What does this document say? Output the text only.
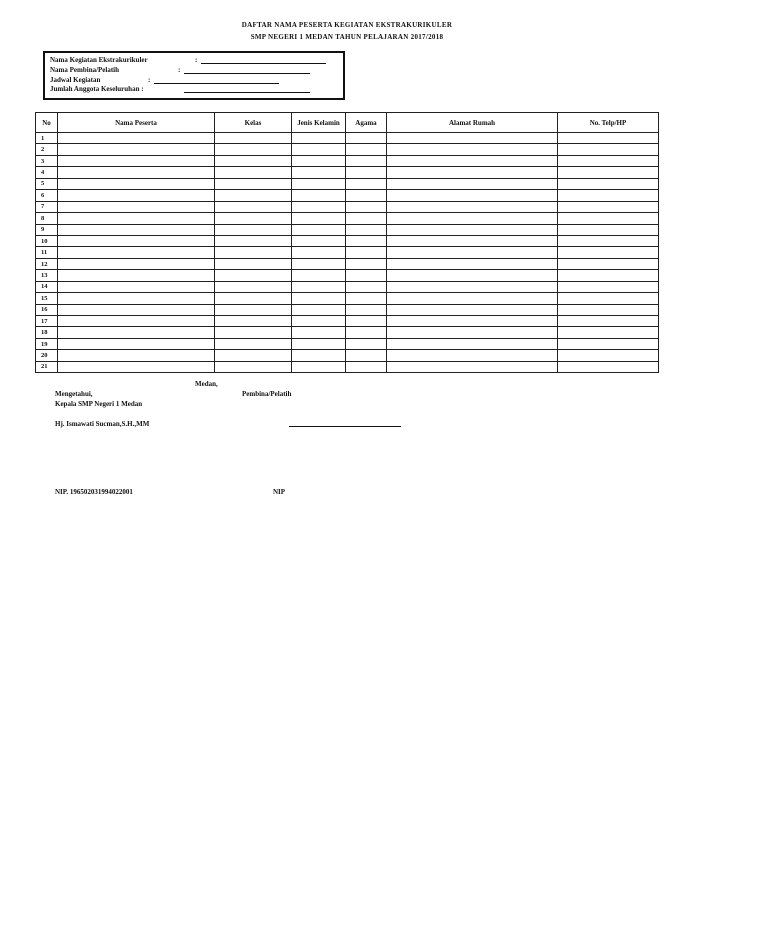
DAFTAR NAMA PESERTA KEGIATAN EKSTRAKURIKULER
SMP NEGERI 1 MEDAN TAHUN PELAJARAN 2017/2018
Nama Kegiatan Ekstrakurikuler	:
Nama Pembina/Pelatih	:
Jadwal Kegiatan	:
Jumlah Anggota Keseluruhan :
No	Nama Peserta	Kelas	Jenis Kelamin	Agama	Alamat Rumah	No. Telp/HP
1						
2						
3						
4						
5						
6						
7						
8						
9						
10						
11						
12						
13						
14						
15						
16						
17						
18						
19						
20						
21						
Medan,
Mengetahui,	Pembina/Pelatih
Kepala SMP Negeri 1 Medan
Hj. Ismawati Sucman,S.H.,MM
NIP. 196502031994022001	NIP
